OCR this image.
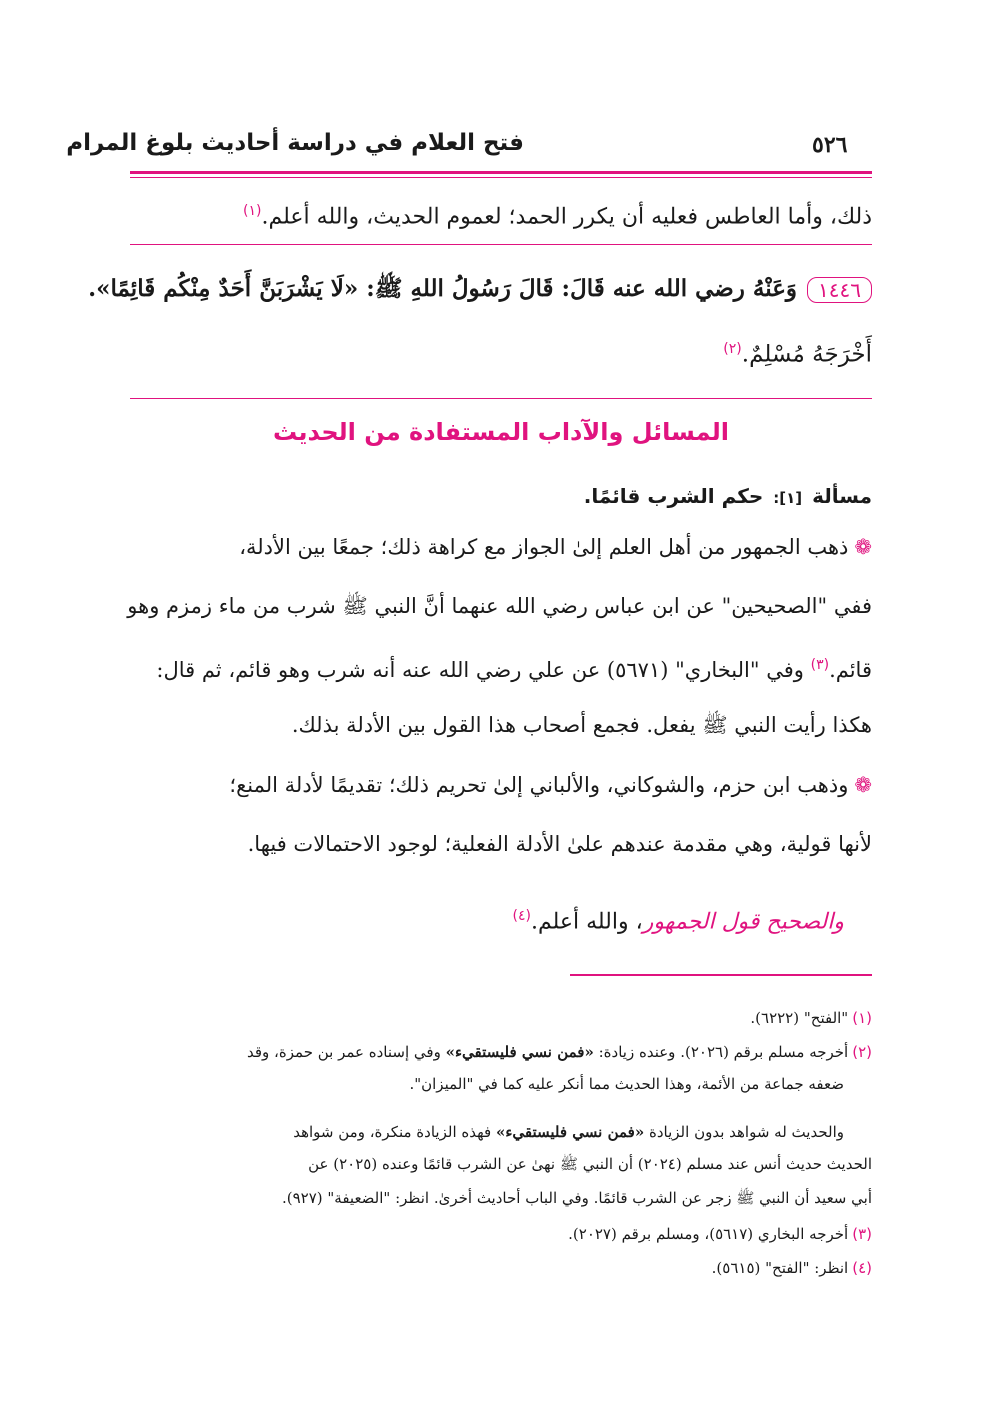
٥٢٦
فتح العلام في دراسة أحاديث بلوغ المرام
ذلك، وأما العاطس فعليه أن يكرر الحمد؛ لعموم الحديث، والله أعلم.$^{(١)}$
١٤٤٦وَعَنْهُ رضي الله عنه قَالَ: قَالَ رَسُولُ اللهِ ﷺ: «لَا يَشْرَبَنَّ أَحَدٌ مِنْكُم قَائِمًا».
أَخْرَجَهُ مُسْلِمٌ.$^{(٢)}$
المسائل والآداب المستفادة من الحديث
مسألة [١]: حكم الشرب قائمًا.
❁ذهب الجمهور من أهل العلم إلىٰ الجواز مع كراهة ذلك؛ جمعًا بين الأدلة،
ففي "الصحيحين" عن ابن عباس رضي الله عنهما أنَّ النبي ﷺ شرب من ماء زمزم وهو
قائم.$^{(٣)}$ وفي "البخاري" (٥٦٧١) عن علي رضي الله عنه أنه شرب وهو قائم، ثم قال:
هكذا رأيت النبي ﷺ يفعل. فجمع أصحاب هذا القول بين الأدلة بذلك.
❁وذهب ابن حزم، والشوكاني، والألباني إلىٰ تحريم ذلك؛ تقديمًا لأدلة المنع؛
لأنها قولية، وهي مقدمة عندهم علىٰ الأدلة الفعلية؛ لوجود الاحتمالات فيها.
والصحيح قول الجمهور، والله أعلم.$^{(٤)}$
(١)"الفتح" (٦٢٢٢).
(٢)أخرجه مسلم برقم (٢٠٢٦). وعنده زيادة: «فمن نسي فليستقيء» وفي إسناده عمر بن حمزة، وقد
ضعفه جماعة من الأئمة، وهذا الحديث مما أنكر عليه كما في "الميزان".
والحديث له شواهد بدون الزيادة «فمن نسي فليستقيء» فهذه الزيادة منكرة، ومن شواهد
الحديث حديث أنس عند مسلم (٢٠٢٤) أن النبي ﷺ نهىٰ عن الشرب قائمًا وعنده (٢٠٢٥) عن
أبي سعيد أن النبي ﷺ زجر عن الشرب قائمًا. وفي الباب أحاديث أخرىٰ. انظر: "الضعيفة" (٩٢٧).
(٣)أخرجه البخاري (٥٦١٧)، ومسلم برقم (٢٠٢٧).
(٤)انظر: "الفتح" (٥٦١٥).
